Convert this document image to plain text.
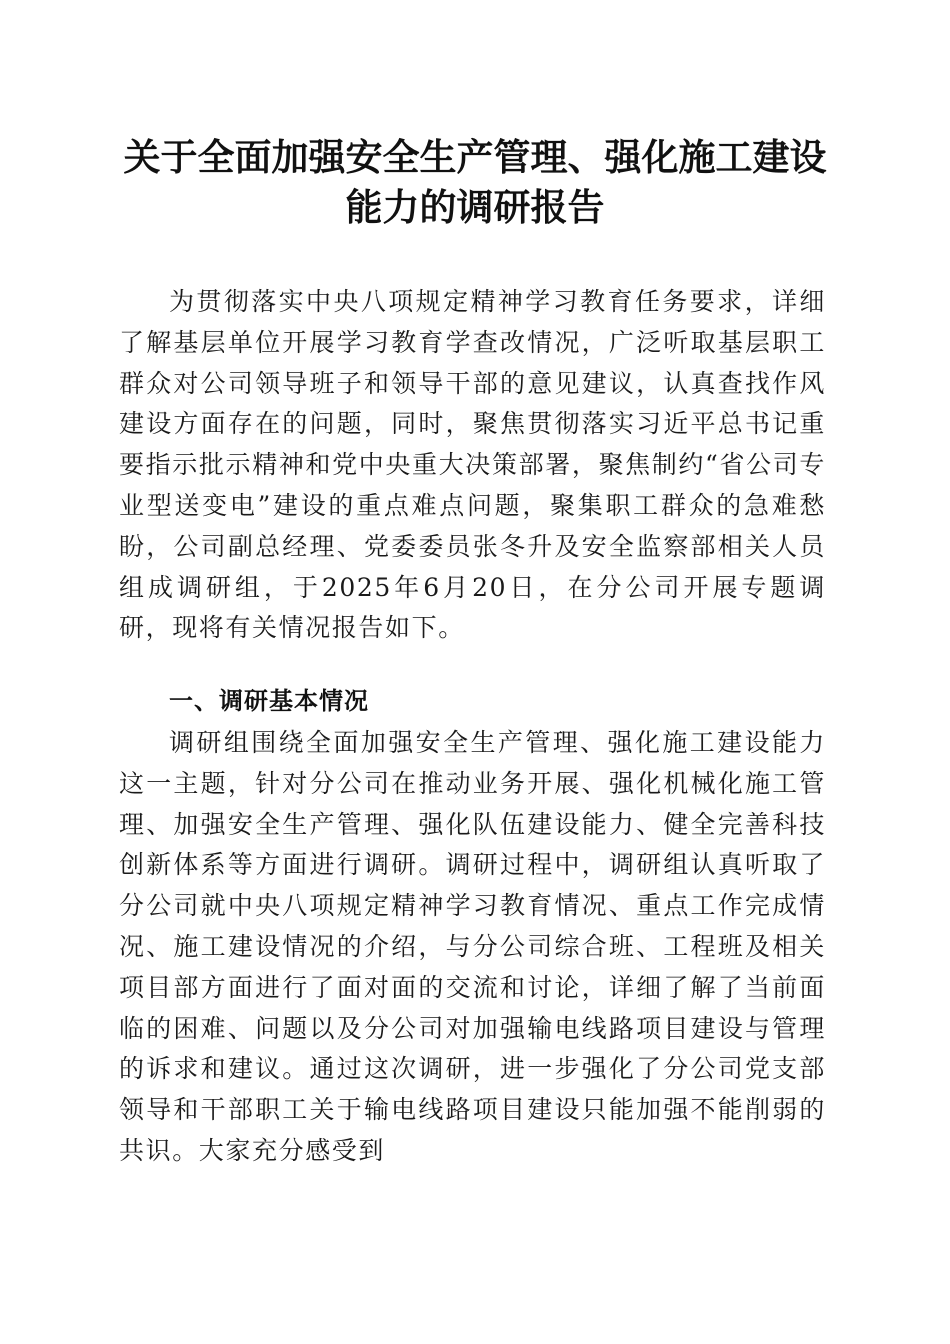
关于全面加强安全生产管理、强化施工建设能力的调研报告
为贯彻落实中央八项规定精神学习教育任务要求，详细了解基层单位开展学习教育学查改情况，广泛听取基层职工群众对公司领导班子和领导干部的意见建议，认真查找作风建设方面存在的问题，同时，聚焦贯彻落实习近平总书记重要指示批示精神和党中央重大决策部署，聚焦制约“省公司专业型送变电”建设的重点难点问题，聚集职工群众的急难愁盼，公司副总经理、党委委员张冬升及安全监察部相关人员组成调研组，于2025年6月20日，在分公司开展专题调研，现将有关情况报告如下。
一、调研基本情况
调研组围绕全面加强安全生产管理、强化施工建设能力这一主题，针对分公司在推动业务开展、强化机械化施工管理、加强安全生产管理、强化队伍建设能力、健全完善科技创新体系等方面进行调研。调研过程中，调研组认真听取了分公司就中央八项规定精神学习教育情况、重点工作完成情况、施工建设情况的介绍，与分公司综合班、工程班及相关项目部方面进行了面对面的交流和讨论，详细了解了当前面临的困难、问题以及分公司对加强输电线路项目建设与管理的诉求和建议。通过这次调研，进一步强化了分公司党支部领导和干部职工关于输电线路项目建设只能加强不能削弱的共识。大家充分感受到
